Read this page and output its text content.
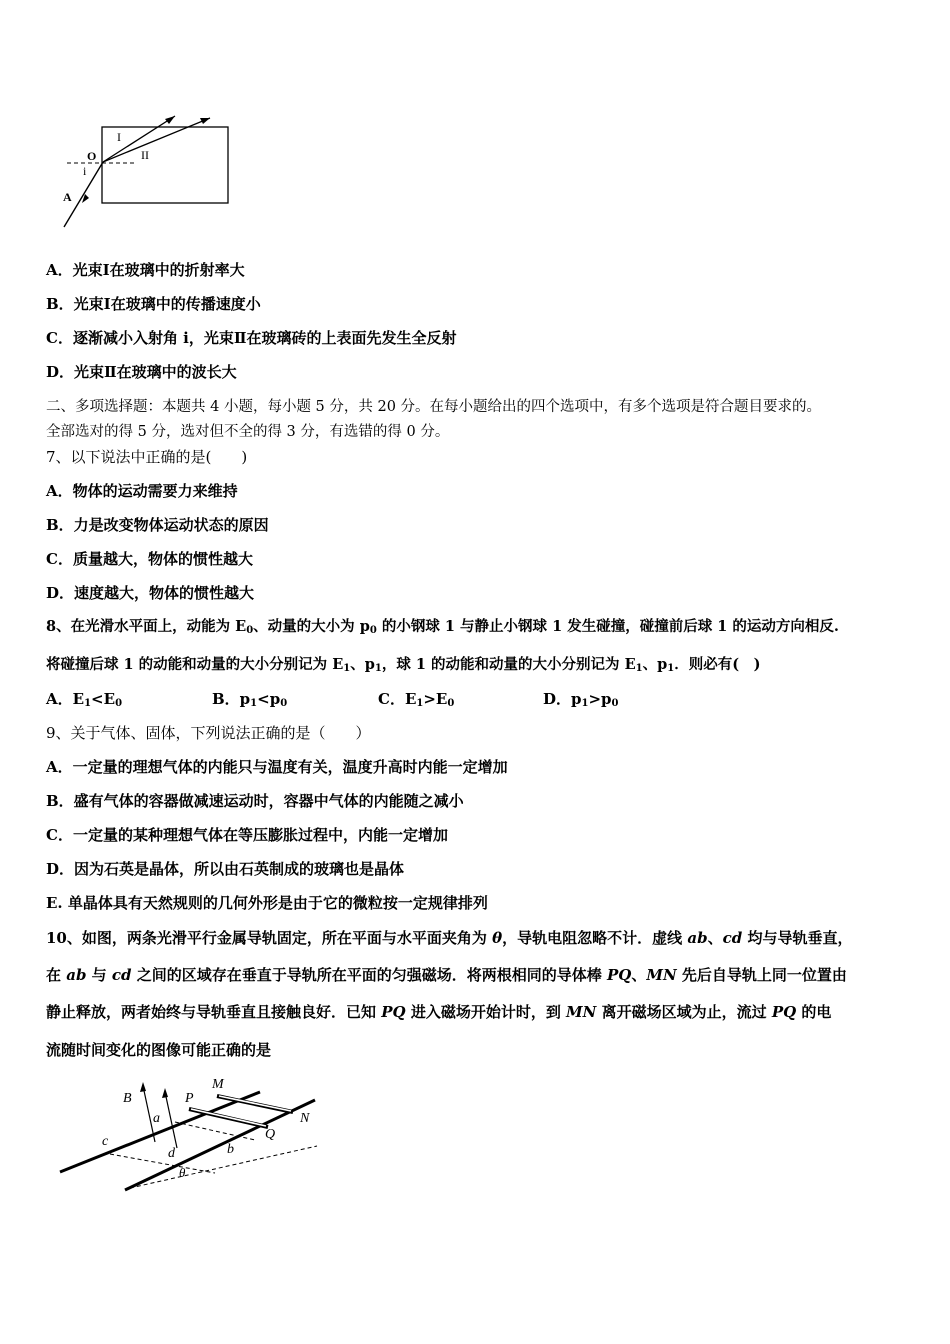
I
II
O
i
A
A．光束Ⅰ在玻璃中的折射率大
B．光束Ⅰ在玻璃中的传播速度小
C．逐渐减小入射角 i，光束Ⅱ在玻璃砖的上表面先发生全反射
D．光束Ⅱ在玻璃中的波长大
二、多项选择题：本题共 4 小题，每小题 5 分，共 20 分。在每小题给出的四个选项中，有多个选项是符合题目要求的。
全部选对的得 5 分，选对但不全的得 3 分，有选错的得 0 分。
7、以下说法中正确的是(　　)
A．物体的运动需要力来维持
B．力是改变物体运动状态的原因
C．质量越大，物体的惯性越大
D．速度越大，物体的惯性越大
8、在光滑水平面上，动能为 $E_0$、动量的大小为 $p_0$ 的小钢球 1 与静止小钢球 1 发生碰撞，碰撞前后球 1 的运动方向相反.
将碰撞后球 1 的动能和动量的大小分别记为 $E_1$、$p_1$，球 1 的动能和动量的大小分别记为 $E_1$、$p_1$．则必有(　)
A．$E_1<E_0$	B．$p_1<p_0$	C．$E_1>E_0$	D．$p_1>p_0$
9、关于气体、固体，下列说法正确的是（　　）
A．一定量的理想气体的内能只与温度有关，温度升高时内能一定增加
B．盛有气体的容器做减速运动时，容器中气体的内能随之减小
C．一定量的某种理想气体在等压膨胀过程中，内能一定增加
D．因为石英是晶体，所以由石英制成的玻璃也是晶体
E. 单晶体具有天然规则的几何外形是由于它的微粒按一定规律排列
10、如图，两条光滑平行金属导轨固定，所在平面与水平面夹角为 θ，导轨电阻忽略不计．虚线 ab、cd 均与导轨垂直，
在 ab 与 cd 之间的区域存在垂直于导轨所在平面的匀强磁场．将两根相同的导体棒 PQ、MN 先后自导轨上同一位置由
静止释放，两者始终与导轨垂直且接触良好．已知 PQ 进入磁场开始计时，到 MN 离开磁场区域为止，流过 PQ 的电
流随时间变化的图像可能正确的是
B
a
P
M
N
Q
c
d	b
θ
